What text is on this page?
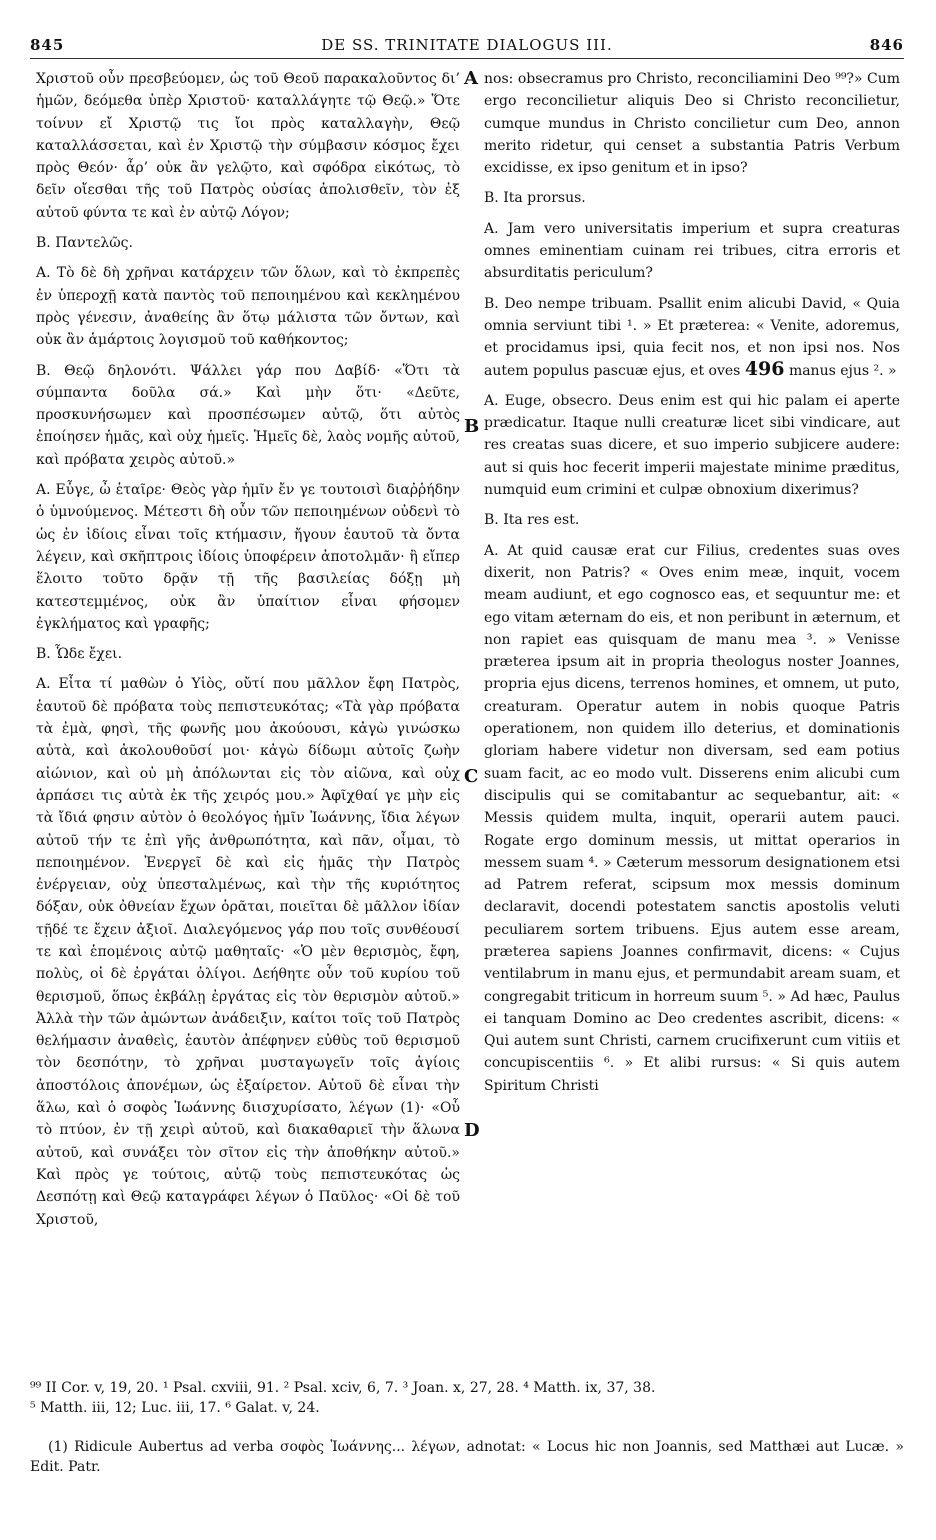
845	DE SS. TRINITATE DIALOGUS III.	846

Χριστοῦ οὖν πρεσβεύομεν, ὡς τοῦ Θεοῦ παρακαλοῦντος δι’ ἡμῶν, δεόμεθα ὑπὲρ Χριστοῦ· καταλλάγητε τῷ Θεῷ.» Ὅτε τοίνυν εἴ Χριστῷ τις ἴοι πρὸς καταλλαγὴν, Θεῷ καταλλάσσεται, καὶ ἐν Χριστῷ τὴν σύμβασιν κόσμος ἔχει πρὸς Θεόν· ἆρ’ οὐκ ἂν γελῷτο, καὶ σφόδρα εἰκότως, τὸ δεῖν οἴεσθαι τῆς τοῦ Πατρὸς οὐσίας ἀπολισθεῖν, τὸν ἐξ αὐτοῦ φύντα τε καὶ ἐν αὐτῷ Λόγον;

Β. Παντελῶς.

Α. Τὸ δὲ δὴ χρῆναι κατάρχειν τῶν ὅλων, καὶ τὸ ἐκπρεπὲς ἐν ὑπεροχῇ κατὰ παντὸς τοῦ πεποιημένου καὶ κεκλημένου πρὸς γένεσιν, ἀναθείης ἂν ὅτῳ μάλιστα τῶν ὄντων, καὶ οὐκ ἂν ἁμάρτοις λογισμοῦ τοῦ καθήκοντος;

Β. Θεῷ δηλονότι. Ψάλλει γάρ που Δαβίδ· «Ὅτι τὰ σύμπαντα δοῦλα σά.» Καὶ μὴν ὅτι· «Δεῦτε, προσκυνήσωμεν καὶ προσπέσωμεν αὐτῷ, ὅτι αὐτὸς ἐποίησεν ἡμᾶς, καὶ οὐχ ἡμεῖς. Ἡμεῖς δὲ, λαὸς νομῆς αὐτοῦ, καὶ πρόβατα χειρὸς αὐτοῦ.»

Α. Εὖγε, ὦ ἑταῖρε· Θεὸς γὰρ ἡμῖν ἔν γε τουτοισὶ διαῤῥήδην ὁ ὑμνούμενος. Μέτεστι δὴ οὖν τῶν πεποιημένων οὐδενὶ τὸ ὡς ἐν ἰδίοις εἶναι τοῖς κτήμασιν, ἤγουν ἑαυτοῦ τὰ ὄντα λέγειν, καὶ σκῆπτροις ἰδίοις ὑποφέρειν ἀποτολμᾶν· ἢ εἴπερ ἕλοιτο τοῦτο δρᾷν τῇ τῆς βασιλείας δόξῃ μὴ κατεστεμμένος, οὐκ ἂν ὑπαίτιον εἶναι φήσομεν ἐγκλήματος καὶ γραφῆς;

Β. Ὧδε ἔχει.

Α. Εἶτα τί μαθὼν ὁ Υἱὸς, οὔτί που μᾶλλον ἔφη Πατρὸς, ἑαυτοῦ δὲ πρόβατα τοὺς πεπιστευκότας; «Τὰ γὰρ πρόβατα τὰ ἐμὰ, φησὶ, τῆς φωνῆς μου ἀκούουσι, κἀγὼ γινώσκω αὐτὰ, καὶ ἀκολουθοῦσί μοι· κἀγὼ δίδωμι αὐτοῖς ζωὴν αἰώνιον, καὶ οὐ μὴ ἀπόλωνται εἰς τὸν αἰῶνα, καὶ οὐχ ἁρπάσει τις αὐτὰ ἐκ τῆς χειρός μου.» Ἀφῖχθαί γε μὴν εἰς τὰ ἴδιά φησιν αὐτὸν ὁ θεολόγος ἡμῖν Ἰωάννης, ἴδια λέγων αὐτοῦ τήν τε ἐπὶ γῆς ἀνθρωπότητα, καὶ πᾶν, οἶμαι, τὸ πεποιημένον. Ἐνεργεῖ δὲ καὶ εἰς ἡμᾶς τὴν Πατρὸς ἐνέργειαν, οὐχ ὑπεσταλμένως, καὶ τὴν τῆς κυριότητος δόξαν, οὐκ ὀθνείαν ἔχων ὁρᾶται, ποιεῖται δὲ μᾶλλον ἰδίαν τῇδέ τε ἔχειν ἀξιοῖ. Διαλεγόμενος γάρ που τοῖς συνθέουσί τε καὶ ἑπομένοις αὐτῷ μαθηταῖς· «Ὁ μὲν θερισμὸς, ἔφη, πολὺς, οἱ δὲ ἐργάται ὀλίγοι. Δεήθητε οὖν τοῦ κυρίου τοῦ θερισμοῦ, ὅπως ἐκβάλῃ ἐργάτας εἰς τὸν θερισμὸν αὐτοῦ.» Ἀλλὰ τὴν τῶν ἀμώντων ἀνάδειξιν, καίτοι τοῖς τοῦ Πατρὸς θελήμασιν ἀναθεὶς, ἑαυτὸν ἀπέφηνεν εὐθὺς τοῦ θερισμοῦ τὸν δεσπότην, τὸ χρῆναι μυσταγωγεῖν τοῖς ἁγίοις ἀποστόλοις ἀπονέμων, ὡς ἐξαίρετον. Αὐτοῦ δὲ εἶναι τὴν ἅλω, καὶ ὁ σοφὸς Ἰωάννης διισχυρίσατο, λέγων (1)· «Οὗ τὸ πτύον, ἐν τῇ χειρὶ αὐτοῦ, καὶ διακαθαριεῖ τὴν ἅλωνα αὐτοῦ, καὶ συνάξει τὸν σῖτον εἰς τὴν ἀποθήκην αὐτοῦ.» Καὶ πρὸς γε τούτοις, αὐτῷ τοὺς πεπιστευκότας ὡς Δεσπότῃ καὶ Θεῷ καταγράφει λέγων ὁ Παῦλος· «Οἱ δὲ τοῦ Χριστοῦ,

A
B
C
D

nos: obsecramus pro Christo, reconciliamini Deo ⁹⁹?» Cum ergo reconcilietur aliquis Deo si Christo reconcilietur, cumque mundus in Christo concilietur cum Deo, annon merito ridetur, qui censet a substantia Patris Verbum excidisse, ex ipso genitum et in ipso?

B. Ita prorsus.

A. Jam vero universitatis imperium et supra creaturas omnes eminentiam cuinam rei tribues, citra erroris et absurditatis periculum?

B. Deo nempe tribuam. Psallit enim alicubi David, « Quia omnia serviunt tibi ¹. » Et præterea: « Venite, adoremus, et procidamus ipsi, quia fecit nos, et non ipsi nos. Nos autem populus pascuæ ejus, et oves 496 manus ejus ². »

A. Euge, obsecro. Deus enim est qui hic palam ei aperte prædicatur. Itaque nulli creaturæ licet sibi vindicare, aut res creatas suas dicere, et suo imperio subjicere audere: aut si quis hoc fecerit imperii majestate minime præditus, numquid eum crimini et culpæ obnoxium dixerimus?

B. Ita res est.

A. At quid causæ erat cur Filius, credentes suas oves dixerit, non Patris? « Oves enim meæ, inquit, vocem meam audiunt, et ego cognosco eas, et sequuntur me: et ego vitam æternam do eis, et non peribunt in æternum, et non rapiet eas quisquam de manu mea ³. » Venisse præterea ipsum ait in propria theologus noster Joannes, propria ejus dicens, terrenos homines, et omnem, ut puto, creaturam. Operatur autem in nobis quoque Patris operationem, non quidem illo deterius, et dominationis gloriam habere videtur non diversam, sed eam potius suam facit, ac eo modo vult. Disserens enim alicubi cum discipulis qui se comitabantur ac sequebantur, ait: « Messis quidem multa, inquit, operarii autem pauci. Rogate ergo dominum messis, ut mittat operarios in messem suam ⁴. » Cæterum messorum designationem etsi ad Patrem referat, scipsum mox messis dominum declaravit, docendi potestatem sanctis apostolis veluti peculiarem sortem tribuens. Ejus autem esse aream, præterea sapiens Joannes confirmavit, dicens: « Cujus ventilabrum in manu ejus, et permundabit aream suam, et congregabit triticum in horreum suum ⁵. » Ad hæc, Paulus ei tanquam Domino ac Deo credentes ascribit, dicens: « Qui autem sunt Christi, carnem crucifixerunt cum vitiis et concupiscentiis ⁶. » Et alibi rursus: « Si quis autem Spiritum Christi

⁹⁹ II Cor. v, 19, 20. ¹ Psal. cxviii, 91. ² Psal. xciv, 6, 7. ³ Joan. x, 27, 28. ⁴ Matth. ix, 37, 38.
⁵ Matth. iii, 12; Luc. iii, 17. ⁶ Galat. v, 24.

(1) Ridicule Aubertus ad verba σοφὸς Ἰωάννης... λέγων, adnotat: « Locus hic non Joannis, sed Matthæi aut Lucæ. » Edit. Patr.
